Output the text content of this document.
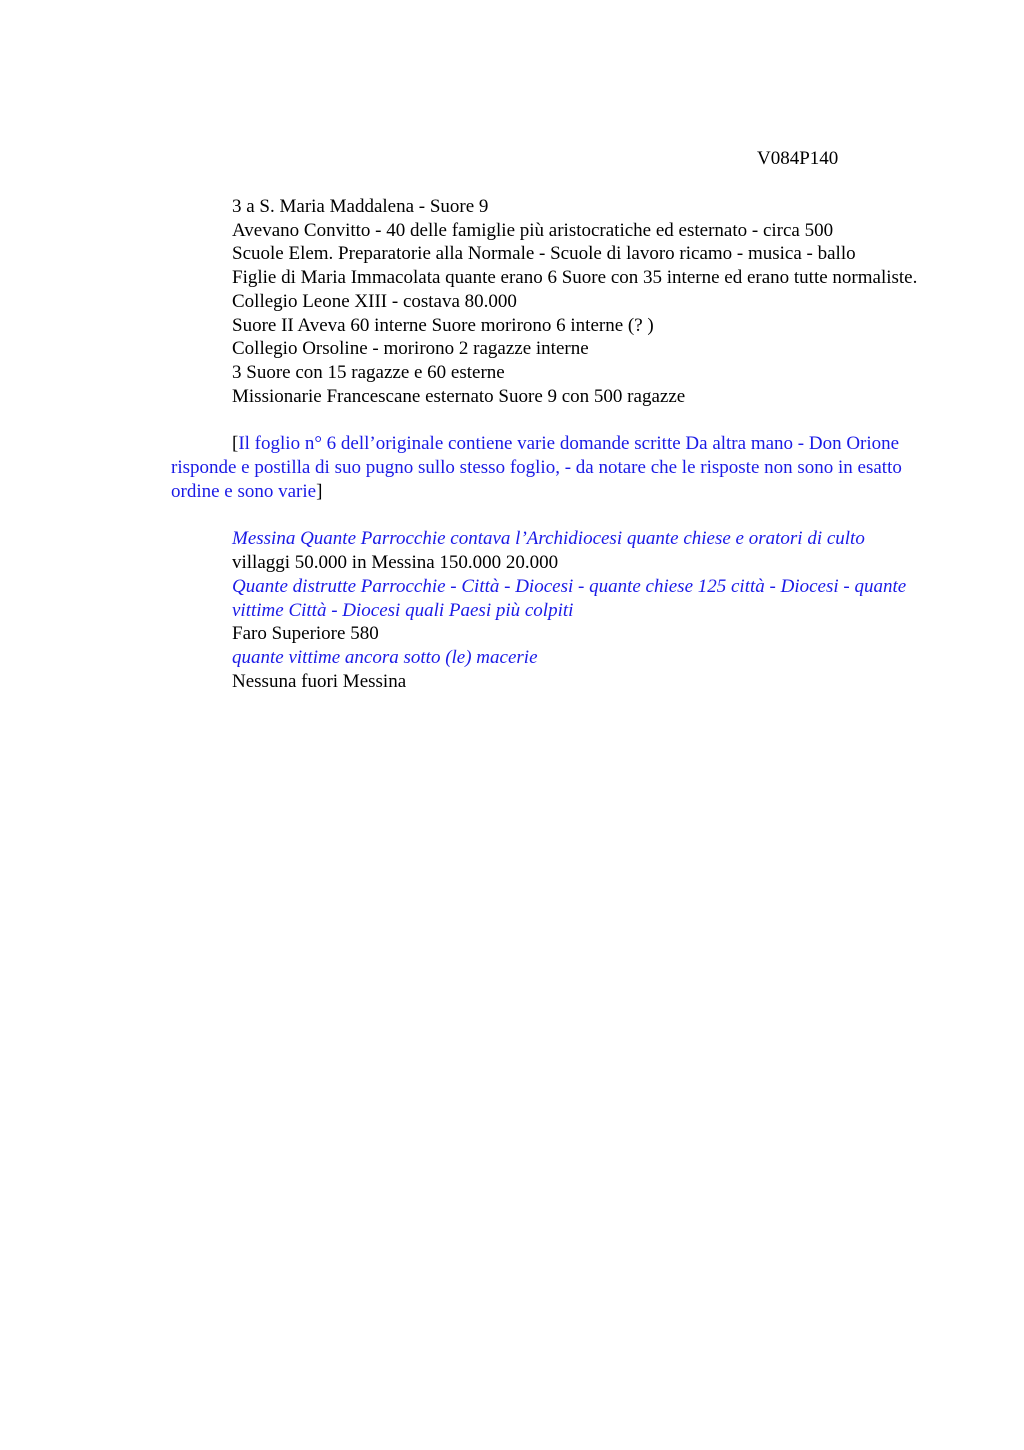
V084P140

3 a S. Maria Maddalena - Suore 9

Avevano Convitto - 40 delle famiglie più aristocratiche ed esternato - circa 500

Scuole Elem. Preparatorie alla Normale - Scuole di lavoro ricamo - musica - ballo

Figlie di Maria Immacolata quante erano 6 Suore con 35 interne ed erano tutte normaliste.

Collegio Leone XIII - costava 80.000

Suore II Aveva 60 interne Suore morirono 6 interne (? )

Collegio Orsoline - morirono 2 ragazze interne

3 Suore con 15 ragazze e 60 esterne

Missionarie Francescane esternato Suore 9 con 500 ragazze

[Il foglio n° 6 dell’originale contiene varie domande scritte Da altra mano - Don Orione risponde e postilla di suo pugno sullo stesso foglio, - da notare che le risposte non sono in esatto ordine e sono varie]

Messina Quante Parrocchie contava l’Archidiocesi quante chiese e oratori di culto

villaggi 50.000 in Messina 150.000 20.000

Quante distrutte Parrocchie - Città - Diocesi - quante chiese 125 città - Diocesi - quante vittime Città - Diocesi quali Paesi più colpiti

Faro Superiore 580

quante vittime ancora sotto (le) macerie

Nessuna fuori Messina
